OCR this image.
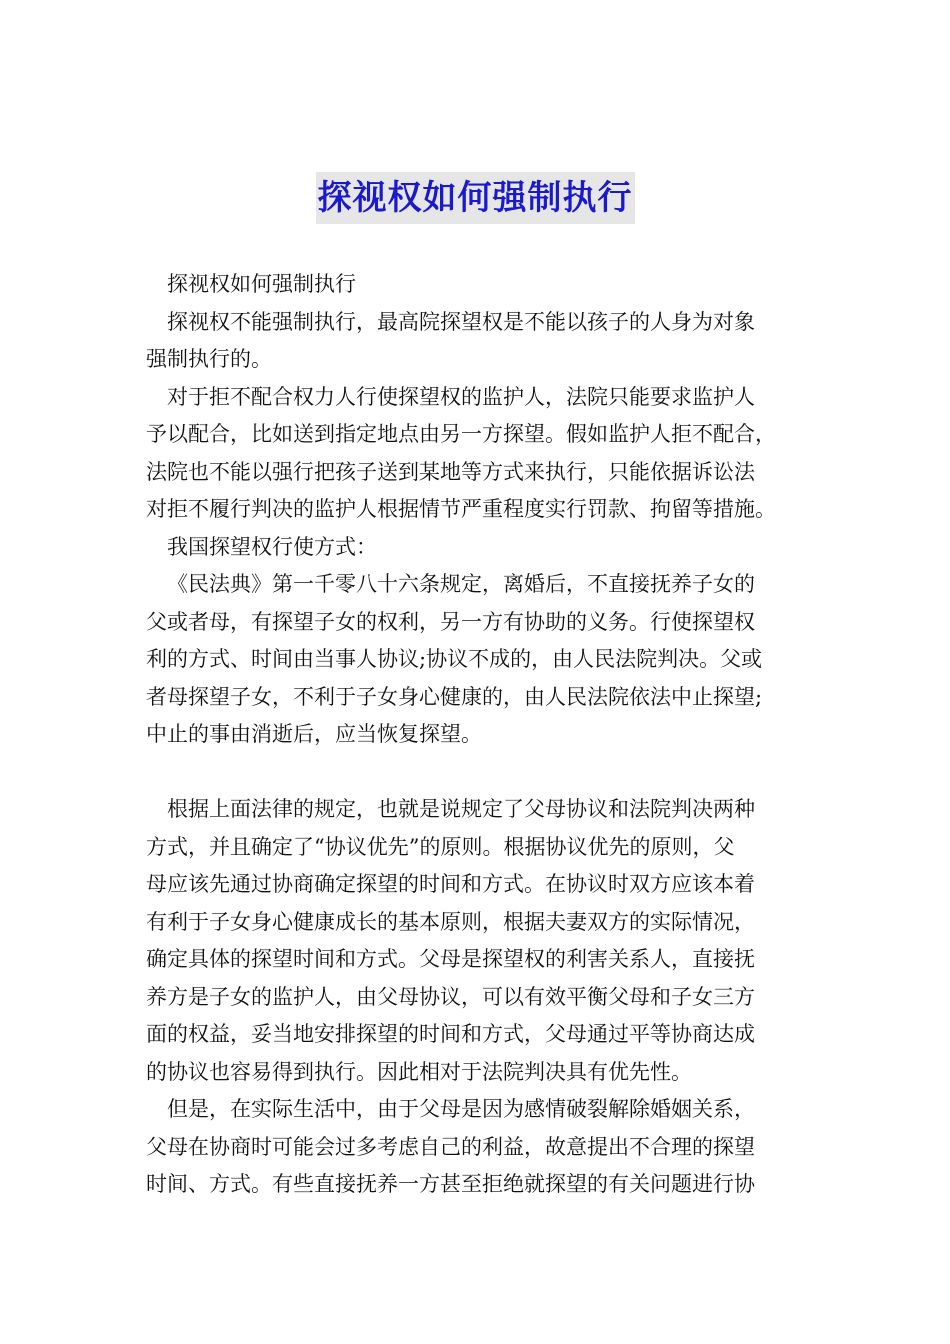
探视权如何强制执行
探视权如何强制执行
探视权不能强制执行，最高院探望权是不能以孩子的人身为对象
强制执行的。
对于拒不配合权力人行使探望权的监护人，法院只能要求监护人
予以配合，比如送到指定地点由另一方探望。假如监护人拒不配合，
法院也不能以强行把孩子送到某地等方式来执行，只能依据诉讼法
对拒不履行判决的监护人根据情节严重程度实行罚款、拘留等措施。
我国探望权行使方式：
《民法典》第一千零八十六条规定，离婚后，不直接抚养子女的
父或者母，有探望子女的权利，另一方有协助的义务。行使探望权
利的方式、时间由当事人协议;协议不成的，由人民法院判决。父或
者母探望子女，不利于子女身心健康的，由人民法院依法中止探望;
中止的事由消逝后，应当恢复探望。
根据上面法律的规定，也就是说规定了父母协议和法院判决两种
方式，并且确定了“协议优先”的原则。根据协议优先的原则，父
母应该先通过协商确定探望的时间和方式。在协议时双方应该本着
有利于子女身心健康成长的基本原则，根据夫妻双方的实际情况，
确定具体的探望时间和方式。父母是探望权的利害关系人，直接抚
养方是子女的监护人，由父母协议，可以有效平衡父母和子女三方
面的权益，妥当地安排探望的时间和方式，父母通过平等协商达成
的协议也容易得到执行。因此相对于法院判决具有优先性。
但是，在实际生活中，由于父母是因为感情破裂解除婚姻关系，
父母在协商时可能会过多考虑自己的利益，故意提出不合理的探望
时间、方式。有些直接抚养一方甚至拒绝就探望的有关问题进行协
